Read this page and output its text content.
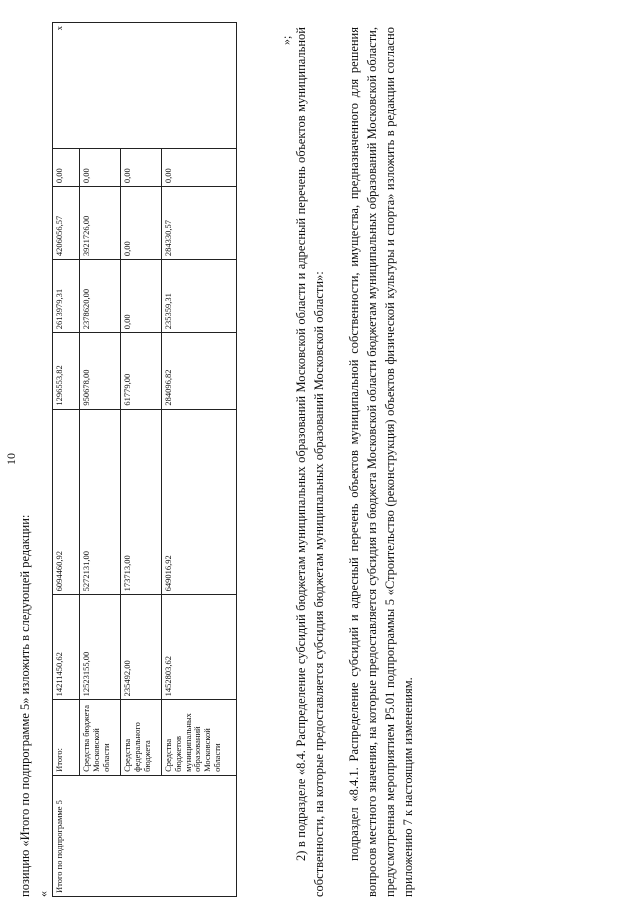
10
позицию «Итого по подпрограмме 5» изложить в следующей редакции: «
Итого по подпрограмме 5	Итого:	14211450,62	6094460,92	1296553,82	2613979,31	4206056,57	0,00	x
	Средства бюджета Московской области	12523155,00	5272131,00	950678,00	2378620,00	3921726,00	0,00	
	Средства федерального бюджета	235492,00	173713,00	61779,00	0,00	0,00	0,00	
	Средства бюджетов муниципальных образований Московской области	1452803,62	649016,92	284096,82	235359,31	284330,57	0,00	
»; 2) в подразделе «8.4. Распределение субсидий бюджетам муниципальных образований Московской области и адресный перечень объектов муниципальной собственности, на которые предоставляется субсидия бюджетам муниципальных образований Московской области»: подраздел «8.4.1. Распределение субсидий и адресный перечень объектов муниципальной собственности, имущества, предназначенного для решения вопросов местного значения, на которые предоставляется субсидия из бюджета Московской области бюджетам муниципальных образований Московской области, предусмотренная мероприятием Р5.01 подпрограммы 5 «Строительство (реконструкция) объектов физической культуры и спорта» изложить в редакции согласно приложению 7 к настоящим изменениям.
